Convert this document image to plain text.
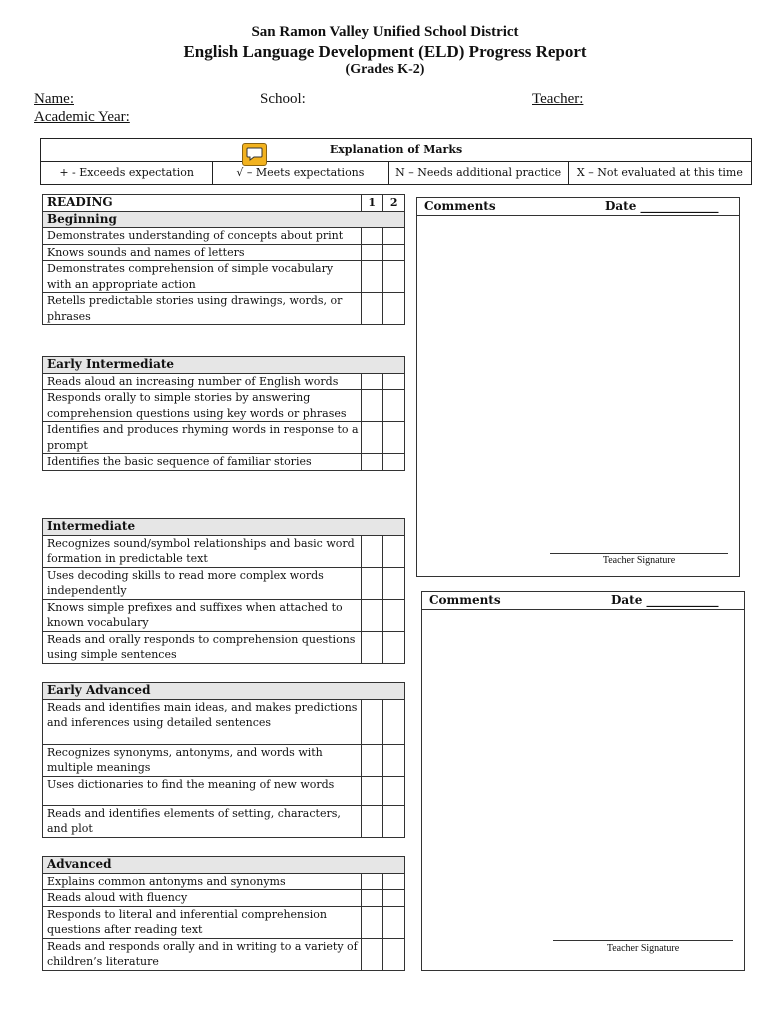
San Ramon Valley Unified School District
English Language Development (ELD) Progress Report
(Grades K-2)
Name:	School:	Teacher:
Academic Year:
Explanation of Marks
+ - Exceeds expectation	√ – Meets expectations	N – Needs additional practice	X – Not evaluated at this time
READING	1	2
Beginning		
Demonstrates understanding of concepts about print		
Knows sounds and names of letters		
Demonstrates comprehension of simple vocabulary with an appropriate action		
Retells predictable stories using drawings, words, or phrases		
Early Intermediate		
Reads aloud an increasing number of English words		
Responds orally to simple stories by answering comprehension questions using key words or phrases		
Identifies and produces rhyming words in response to a prompt		
Identifies the basic sequence of familiar stories		
Intermediate		
Recognizes sound/symbol relationships and basic word formation in predictable text		
Uses decoding skills to read more complex words independently		
Knows simple prefixes and suffixes when attached to known vocabulary		
Reads and orally responds to comprehension questions using simple sentences		
Early Advanced		
Reads and identifies main ideas, and makes predictions and inferences using detailed sentences		
Recognizes synonyms, antonyms, and words with multiple meanings		
Uses dictionaries to find the meaning of new words		
Reads and identifies elements of setting, characters, and plot		
Advanced		
Explains common antonyms and synonyms		
Reads aloud with fluency		
Responds to literal and inferential comprehension questions after reading text		
Reads and responds orally and in writing to a variety of children’s literature		
Comments	Date _____________
Teacher Signature
Comments	Date ____________
Teacher Signature
